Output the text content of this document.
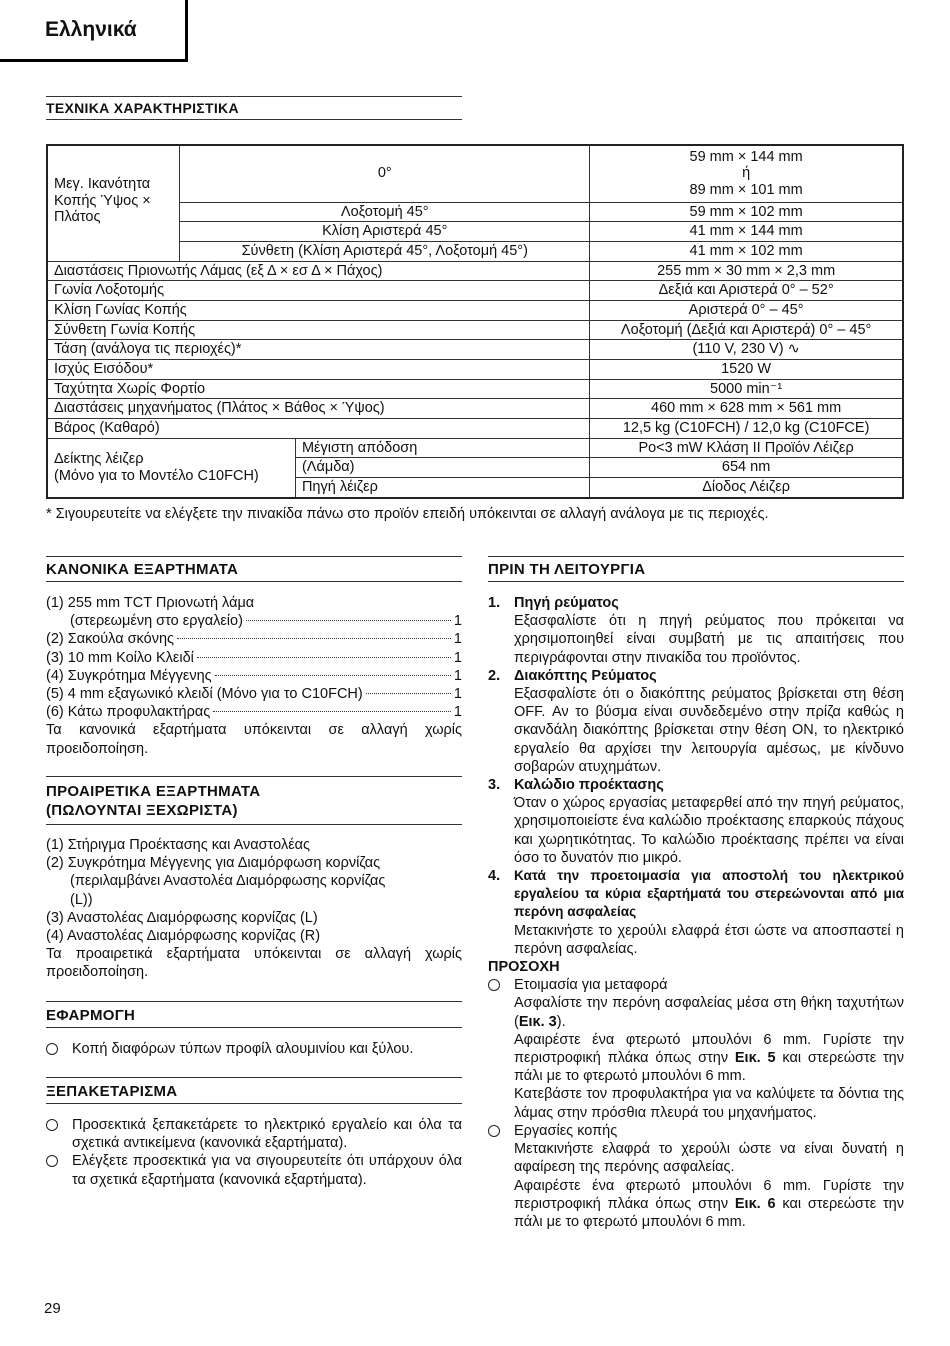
Ελληνικά
ΤΕΧΝΙΚΑ ΧΑΡΑΚΤΗΡΙΣΤΙΚΑ
Μεγ. Ικανότητα Κοπής Ύψος × Πλάτος	0°		59 mm × 144 mm
ή
89 mm × 101 mm

	Λοξοτομή 45°		59 mm × 102 mm
	Κλίση Αριστερά 45°		41 mm × 144 mm
	Σύνθετη (Κλίση Αριστερά 45°, Λοξοτομή 45°)		41 mm × 102 mm
Διαστάσεις Πριονωτής Λάμας (εξ Δ × εσ Δ × Πάχος)			255 mm × 30 mm × 2,3 mm
Γωνία Λοξοτομής			Δεξιά και Αριστερά 0° – 52°
Κλίση Γωνίας Κοπής			Αριστερά 0° – 45°
Σύνθετη Γωνία Κοπής			Λοξοτομή (Δεξιά και Αριστερά) 0° – 45°
Τάση (ανάλογα τις περιοχές)*			(110 V, 230 V) ∿
Ισχύς Εισόδου*			1520 W
Ταχύτητα Χωρίς Φορτίο			5000 min⁻¹
Διαστάσεις μηχανήματος (Πλάτος × Βάθος × Ύψος)			460 mm × 628 mm × 561 mm
Βάρος (Καθαρό)			12,5 kg (C10FCH) / 12,0 kg (C10FCE)

Δείκτης λέιζερ
(Μόνο για το Μοντέλο C10FCH)		Μέγιστη απόδοση	Po<3 mW Κλάση II Προϊόν Λέιζερ
		(Λάμδα)	654 nm
		Πηγή λέιζερ	Δίοδος Λέιζερ
* Σιγουρευτείτε να ελέγξετε την πινακίδα πάνω στο προϊόν επειδή υπόκεινται σε αλλαγή ανάλογα με τις περιοχές.
ΚΑΝΟΝΙΚΑ ΕΞΑΡΤΗΜΑΤΑ
(1) 255 mm TCT Πριονωτή λάμα
(στερεωμένη στο εργαλείο)	1
(2) Σακούλα σκόνης	1
(3) 10 mm Κοίλο Κλειδί	1
(4) Συγκρότημα Μέγγενης	1
(5) 4 mm εξαγωνικό κλειδί (Μόνο για το C10FCH)	1
(6) Κάτω προφυλακτήρας	1
Τα κανονικά εξαρτήματα υπόκεινται σε αλλαγή χωρίς προειδοποίηση.
ΠΡΟΑΙΡΕΤΙΚΑ ΕΞΑΡΤΗΜΑΤΑ
(ΠΩΛΟΥΝΤΑΙ ΞΕΧΩΡΙΣΤΑ)
(1) Στήριγμα Προέκτασης και Αναστολέας
(2) Συγκρότημα Μέγγενης για Διαμόρφωση κορνίζας
(περιλαμβάνει Αναστολέα Διαμόρφωσης κορνίζας
(L))
(3) Αναστολέας Διαμόρφωσης κορνίζας (L)
(4) Αναστολέας Διαμόρφωσης κορνίζας (R)
Τα προαιρετικά εξαρτήματα υπόκεινται σε αλλαγή χωρίς προειδοποίηση.
ΕΦΑΡΜΟΓΗ
Κοπή διαφόρων τύπων προφίλ αλουμινίου και ξύλου.
ΞΕΠΑΚΕΤΑΡΙΣΜΑ
Προσεκτικά ξεπακετάρετε το ηλεκτρικό εργαλείο και όλα τα σχετικά αντικείμενα (κανονικά εξαρτήματα).
Ελέγξετε προσεκτικά για να σιγουρευτείτε ότι υπάρχουν όλα τα σχετικά εξαρτήματα (κανονικά εξαρτήματα).
ΠΡΙΝ ΤΗ ΛΕΙΤΟΥΡΓΙΑ
1. Πηγή ρεύματος
Εξασφαλίστε ότι η πηγή ρεύματος που πρόκειται να χρησιμοποιηθεί είναι συμβατή με τις απαιτήσεις που περιγράφονται στην πινακίδα του προϊόντος.
2. Διακόπτης Ρεύματος
Εξασφαλίστε ότι ο διακόπτης ρεύματος βρίσκεται στη θέση OFF. Αν το βύσμα είναι συνδεδεμένο στην πρίζα καθώς η σκανδάλη διακόπτης βρίσκεται στην θέση ON, το ηλεκτρικό εργαλείο θα αρχίσει την λειτουργία αμέσως, με κίνδυνο σοβαρών ατυχημάτων.
3. Καλώδιο προέκτασης
Όταν ο χώρος εργασίας μεταφερθεί από την πηγή ρεύματος, χρησιμοποιείστε ένα καλώδιο προέκτασης επαρκούς πάχους και χωρητικότητας. Το καλώδιο προέκτασης πρέπει να είναι όσο το δυνατόν πιο μικρό.
4.	Κατά την προετοιμασία για αποστολή του ηλεκτρικού εργαλείου τα κύρια εξαρτήματά του στερεώνονται από μια περόνη ασφαλείας
Μετακινήστε το χερούλι ελαφρά έτσι ώστε να αποσπαστεί η περόνη ασφαλείας.
ΠΡΟΣΟΧΗ
Ετοιμασία για μεταφορά
Ασφαλίστε την περόνη ασφαλείας μέσα στη θήκη ταχυτήτων (Εικ. 3).
Αφαιρέστε ένα φτερωτό μπουλόνι 6 mm. Γυρίστε την περιστροφική πλάκα όπως στην Εικ. 5 και στερεώστε την πάλι με το φτερωτό μπουλόνι 6 mm.
Κατεβάστε τον προφυλακτήρα για να καλύψετε τα δόντια της λάμας στην πρόσθια πλευρά του μηχανήματος.
Εργασίες κοπής
Μετακινήστε ελαφρά το χερούλι ώστε να είναι δυνατή η αφαίρεση της περόνης ασφαλείας.
Αφαιρέστε ένα φτερωτό μπουλόνι 6 mm. Γυρίστε την περιστροφική πλάκα όπως στην Εικ. 6 και στερεώστε την πάλι με το φτερωτό μπουλόνι 6 mm.
29
